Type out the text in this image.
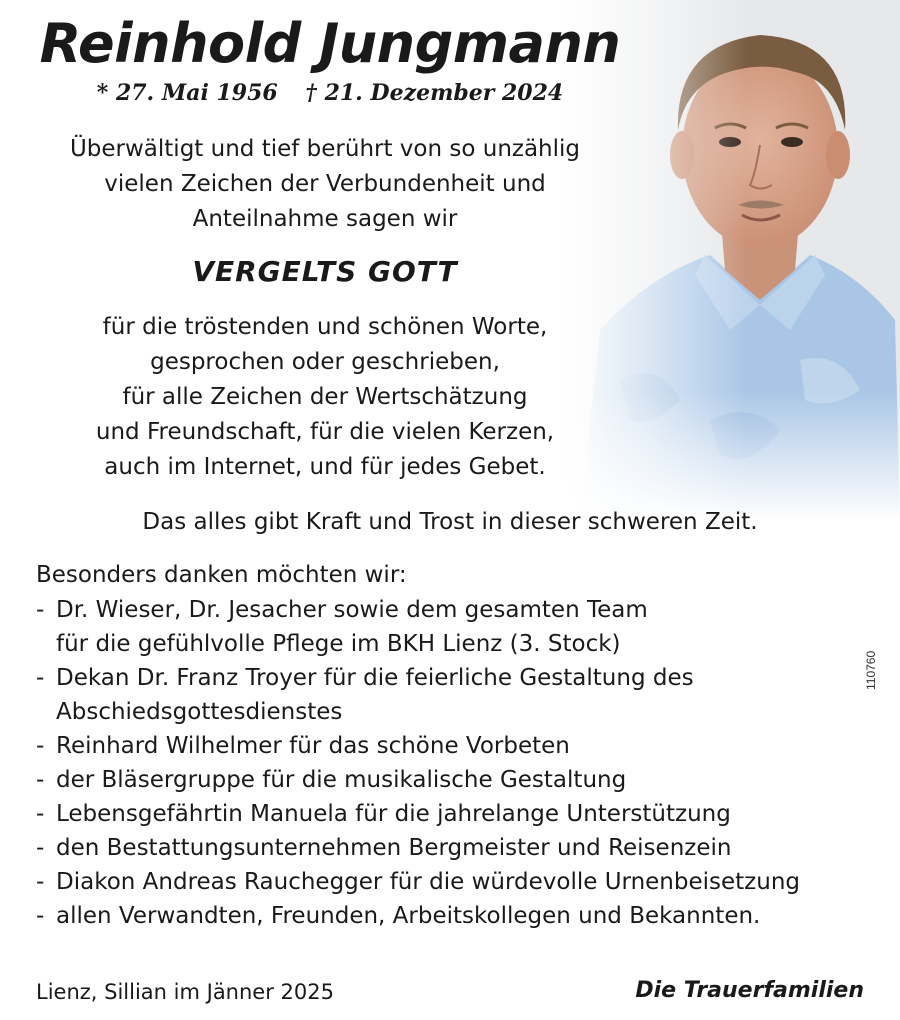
Reinhold Jungmann
* 27. Mai 1956 † 21. Dezember 2024
Überwältigt und tief berührt von so unzählig
vielen Zeichen der Verbundenheit und
Anteilnahme sagen wir
VERGELTS GOTT
für die tröstenden und schönen Worte,
gesprochen oder geschrieben,
für alle Zeichen der Wertschätzung
und Freundschaft, für die vielen Kerzen,
auch im Internet, und für jedes Gebet.
Das alles gibt Kraft und Trost in dieser schweren Zeit.
Besonders danken möchten wir:
- Dr. Wieser, Dr. Jesacher sowie dem gesamten Team
für die gefühlvolle Pflege im BKH Lienz (3. Stock)
- Dekan Dr. Franz Troyer für die feierliche Gestaltung des
Abschiedsgottesdienstes
- Reinhard Wilhelmer für das schöne Vorbeten
- der Bläsergruppe für die musikalische Gestaltung
- Lebensgefährtin Manuela für die jahrelange Unterstützung
- den Bestattungsunternehmen Bergmeister und Reisenzein
- Diakon Andreas Rauchegger für die würdevolle Urnenbeisetzung
- allen Verwandten, Freunden, Arbeitskollegen und Bekannten.
Lienz, Sillian im Jänner 2025	Die Trauerfamilien
110760
